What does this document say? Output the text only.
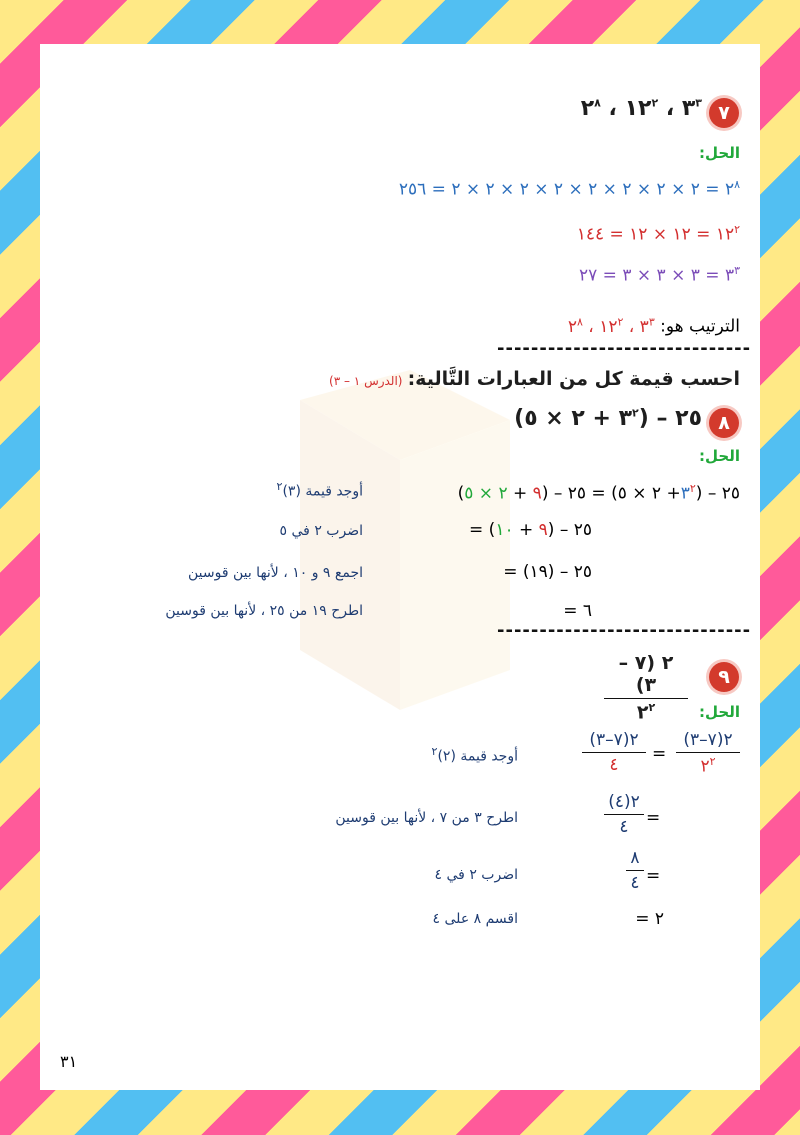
٧
$٣^٣$ ، $١٢^٢$ ، $٢^٨$
الحل:
$٢^٨$ = ٢ × ٢ × ٢ × ٢ × ٢ × ٢ × ٢ × ٢ = ٢٥٦
$١٢^٢$ = ١٢ × ١٢ = ١٤٤
$٣^٣$ = ٣ × ٣ × ٣ = ٢٧
الترتيب هو: $٣^٣$ ، $١٢^٢$ ، $٢^٨$
------------------------------
احسب قيمة كل من العبارات التَّالية: (الدرس ١ – ٣)
٨
٢٥ – ($٣^٢$ + ٢ × ٥)
الحل:
٢٥ – ($٣^٢+$ ٢ × ٥) = ٢٥ – (٩ + ٢ × ٥)
أوجد قيمة (٣)$^٢$
= ٢٥ – (٩ + ١٠)
اضرب ٢ في ٥
= ٢٥ – (١٩)
اجمع ٩ و ١٠ ، لأنها بين قوسين
= ٦
اطرح ١٩ من ٢٥ ، لأنها بين قوسين
------------------------------
٩
٢ (٧ – ٣)
$٢^٢$	الحل:
٢(٧–٣)
$٢^٢$
=
٢(٧–٣)
٤
أوجد قيمة (٢)$^٢$
=
٢(٤)
٤
اطرح ٣ من ٧ ، لأنها بين قوسين
=
٨
٤
اضرب ٢ في ٤
= ٢
اقسم ٨ على ٤
٣١
